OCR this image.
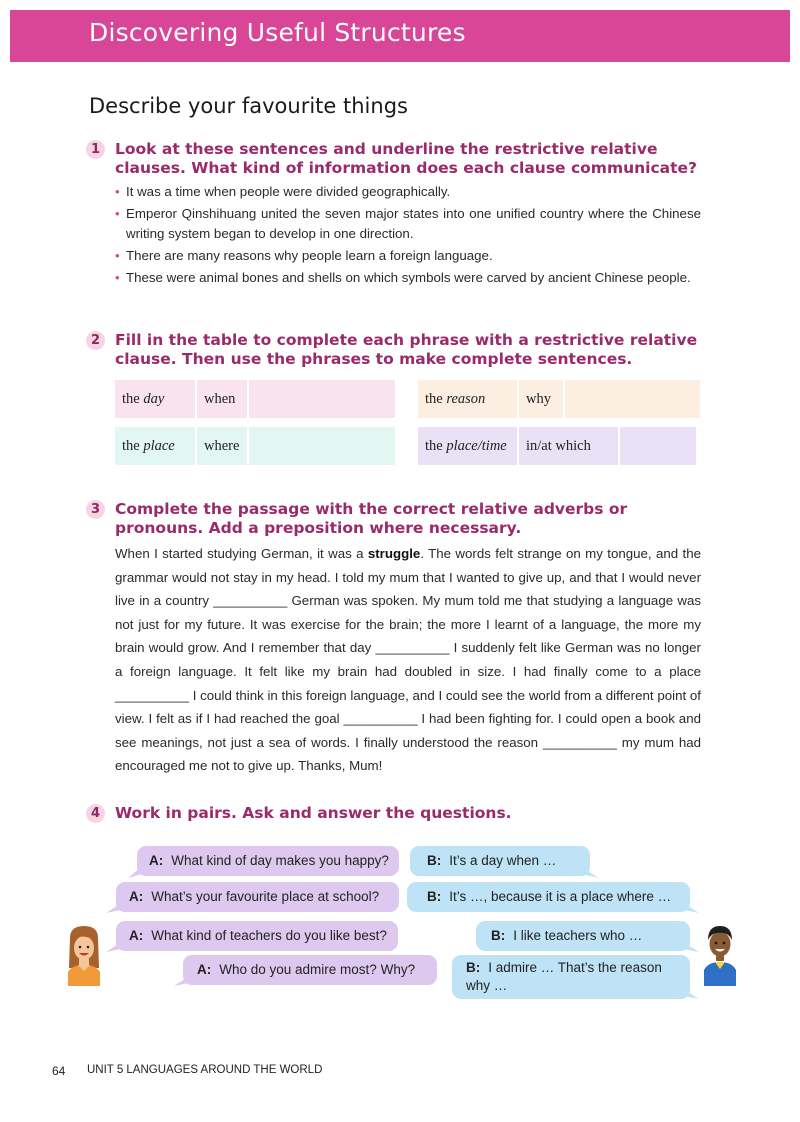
Discovering Useful Structures
Describe your favourite things
1 Look at these sentences and underline the restrictive relative clauses. What kind of information does each clause communicate?
• It was a time when people were divided geographically.
• Emperor Qinshihuang united the seven major states into one unified country where the Chinese writing system began to develop in one direction.
• There are many reasons why people learn a foreign language.
• These were animal bones and shells on which symbols were carved by ancient Chinese people.
2 Fill in the table to complete each phrase with a restrictive relative clause. Then use the phrases to make complete sentences.
the day	when
the place	where
the reason	why
the place/time	in/at which
3 Complete the passage with the correct relative adverbs or pronouns. Add a preposition where necessary.
When I started studying German, it was a struggle. The words felt strange on my tongue, and the grammar would not stay in my head. I told my mum that I wanted to give up, and that I would never live in a country __________ German was spoken. My mum told me that studying a language was not just for my future. It was exercise for the brain; the more I learnt of a language, the more my brain would grow. And I remember that day __________ I suddenly felt like German was no longer a foreign language. It felt like my brain had doubled in size. I had finally come to a place __________ I could think in this foreign language, and I could see the world from a different point of view. I felt as if I had reached the goal __________ I had been fighting for. I could open a book and see meanings, not just a sea of words. I finally understood the reason __________ my mum had encouraged me not to give up. Thanks, Mum!
4 Work in pairs. Ask and answer the questions.
A: What kind of day makes you happy?	B: It’s a day when …
A: What’s your favourite place at school?	B: It’s …, because it is a place where …
A: What kind of teachers do you like best?	B: I like teachers who …
A: Who do you admire most? Why?	B: I admire … That’s the reason why …
64 UNIT 5 LANGUAGES AROUND THE WORLD
